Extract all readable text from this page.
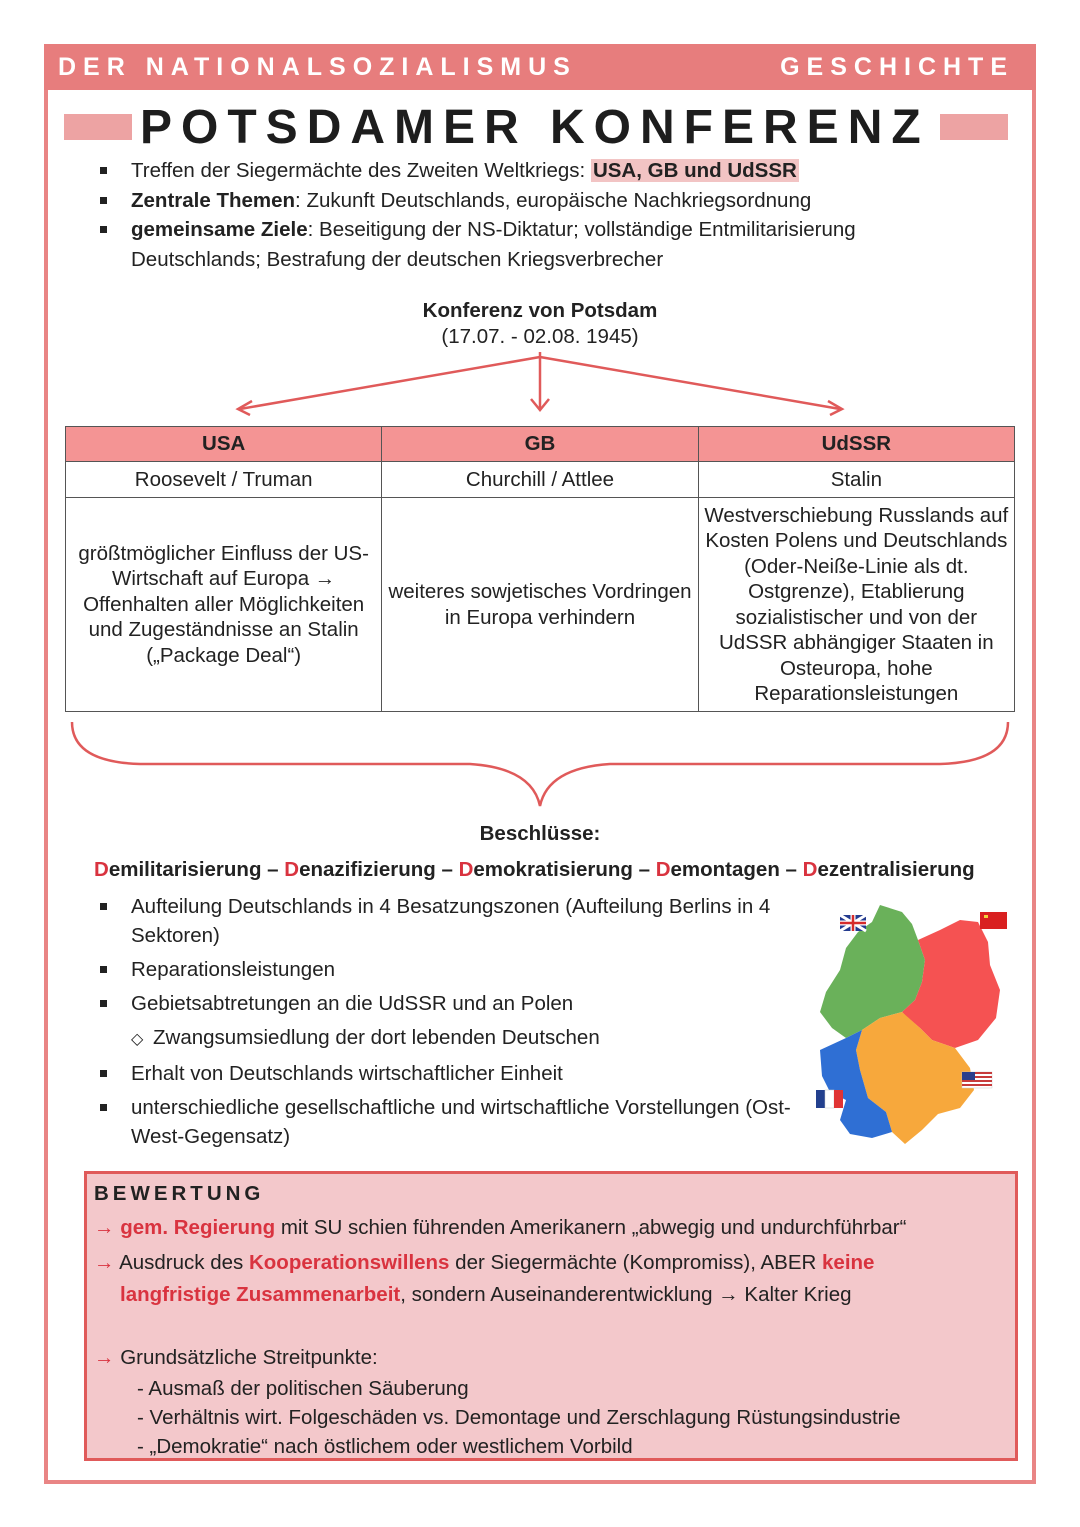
DER NATIONALSOZIALISMUS	GESCHICHTE
POTSDAMER KONFERENZ
Treffen der Siegermächte des Zweiten Weltkriegs: USA, GB und UdSSR
Zentrale Themen: Zukunft Deutschlands, europäische Nachkriegsordnung
gemeinsame Ziele: Beseitigung der NS-Diktatur; vollständige Entmilitarisierung Deutschlands; Bestrafung der deutschen Kriegsverbrecher
Konferenz von Potsdam
(17.07. - 02.08. 1945)
USA	GB	UdSSR
Roosevelt / Truman	Churchill / Attlee	Stalin
größtmöglicher Einfluss der US-Wirtschaft auf Europa → Offenhalten aller Möglichkeiten und Zugeständnisse an Stalin („Package Deal“)	weiteres sowjetisches Vordringen in Europa verhindern	Westverschiebung Russlands auf Kosten Polens und Deutschlands (Oder-Neiße-Linie als dt. Ostgrenze), Etablierung sozialistischer und von der UdSSR abhängiger Staaten in Osteuropa, hohe Reparationsleistungen
Beschlüsse:
Demilitarisierung – Denazifizierung – Demokratisierung – Demontagen – Dezentralisierung
Aufteilung Deutschlands in 4 Besatzungszonen (Aufteilung Berlins in 4 Sektoren)
Reparationsleistungen
Gebietsabtretungen an die UdSSR und an Polen
◇ Zwangsumsiedlung der dort lebenden Deutschen
Erhalt von Deutschlands wirtschaftlicher Einheit
unterschiedliche gesellschaftliche und wirtschaftliche Vorstellungen (Ost-West-Gegensatz)
BEWERTUNG
→ gem. Regierung mit SU schien führenden Amerikanern „abwegig und undurchführbar“
→ Ausdruck des Kooperationswillens der Siegermächte (Kompromiss), ABER keine
langfristige Zusammenarbeit, sondern Auseinanderentwicklung → Kalter Krieg
→ Grundsätzliche Streitpunkte:
- Ausmaß der politischen Säuberung
- Verhältnis wirt. Folgeschäden vs. Demontage und Zerschlagung Rüstungsindustrie
- „Demokratie“ nach östlichem oder westlichem Vorbild
